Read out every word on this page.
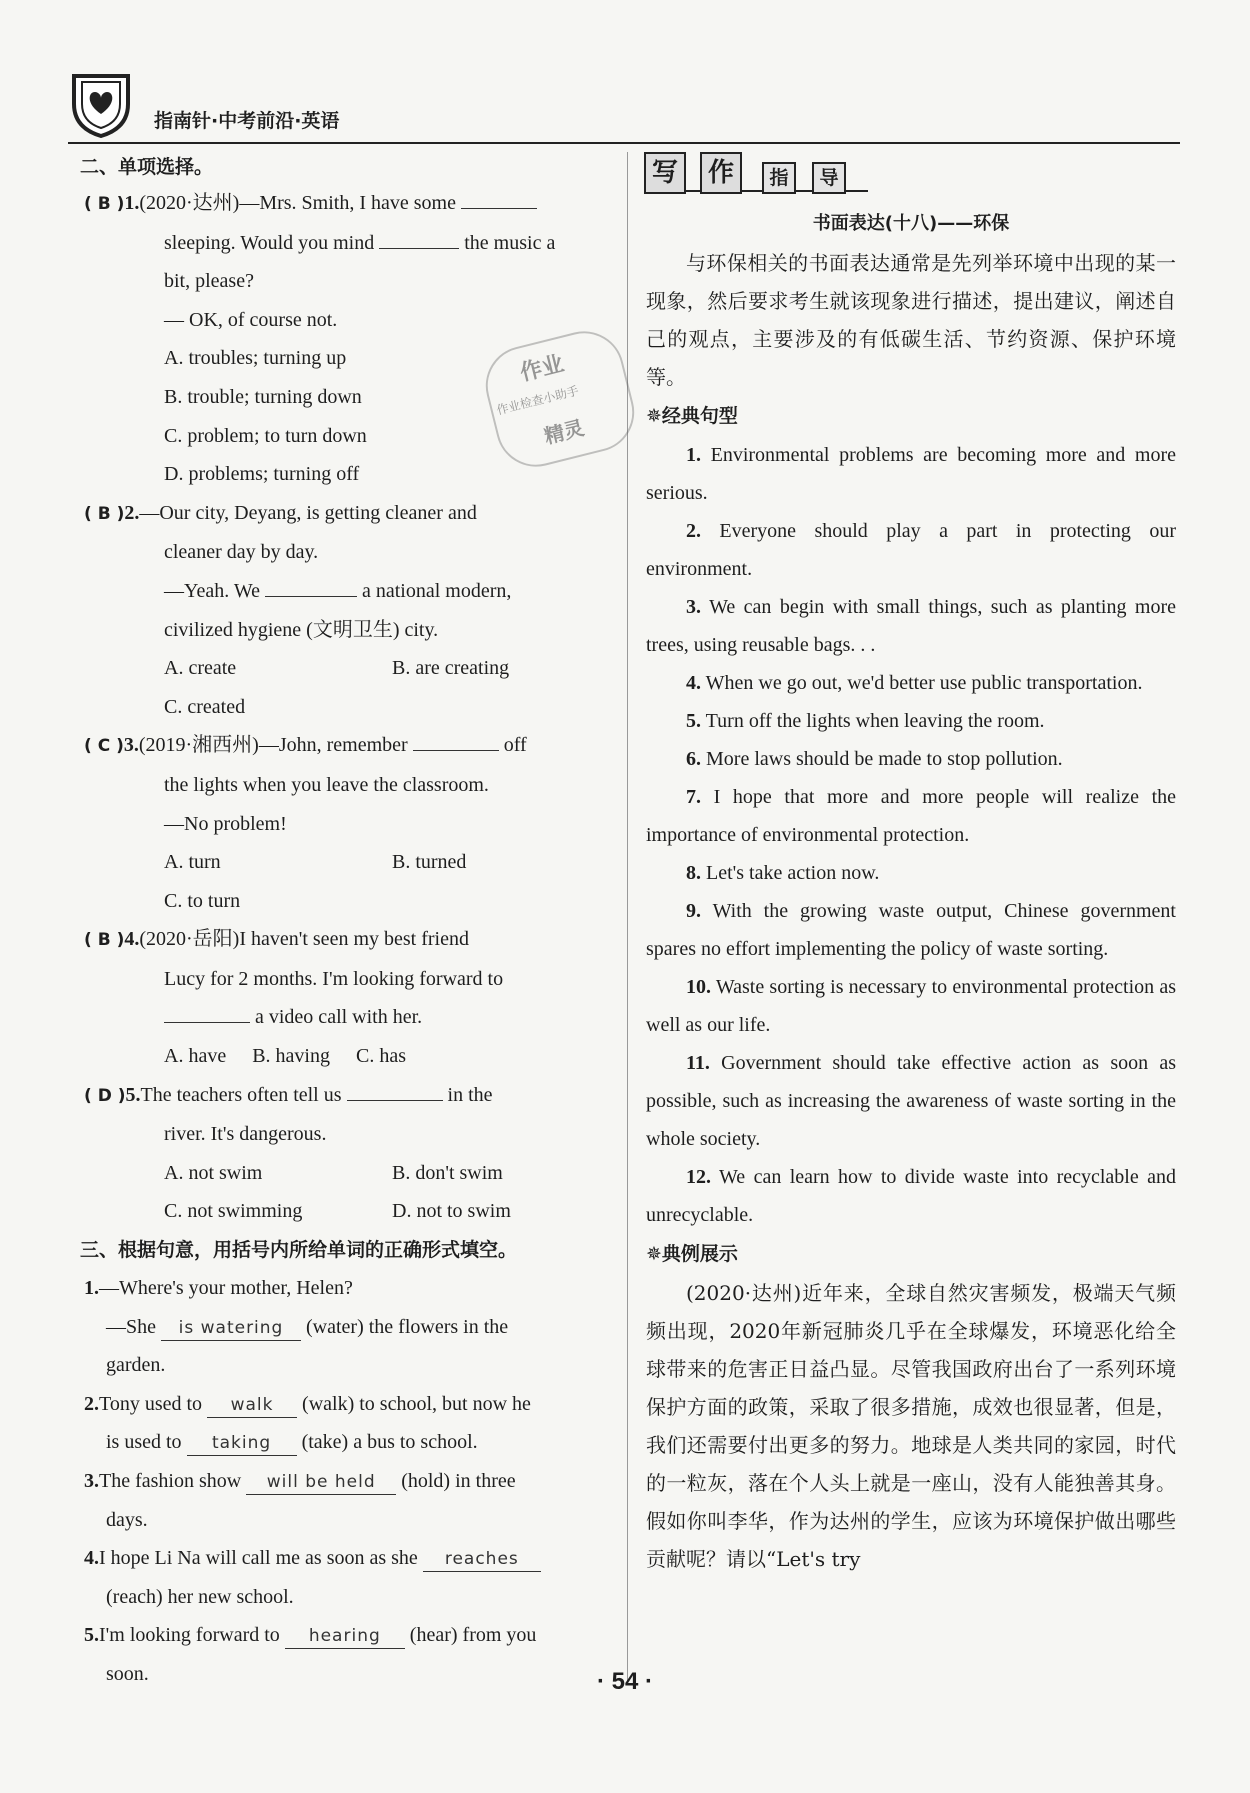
指南针·中考前沿·英语
作业
作业检查小助手
精灵
二、单项选择。
( B )1.(2020·达州)—Mrs. Smith, I have some
sleeping. Would you mind	the music a
bit, please?
— OK, of course not.
A. troubles; turning up
B. trouble; turning down
C. problem; to turn down
D. problems; turning off
( B )2.—Our city, Deyang, is getting cleaner and
cleaner day by day.
—Yeah. We	a national modern,
civilized hygiene (文明卫生) city.
A. create	B. are creating
C. created
( C )3.(2019·湘西州)—John, remember	off
the lights when you leave the classroom.
—No problem!
A. turn	B. turned
C. to turn
( B )4.(2020·岳阳)I haven't seen my best friend
Lucy for 2 months. I'm looking forward to
a video call with her.
A. have B. having C. has
( D )5.The teachers often tell us	in the
river. It's dangerous.
A. not swim	B. don't swim
C. not swimming	D. not to swim
三、根据句意，用括号内所给单词的正确形式填空。
1.—Where's your mother, Helen?
—She is watering (water) the flowers in the
garden.
2.Tony used to walk (walk) to school, but now he
is used to taking (take) a bus to school.
3.The fashion show will be held (hold) in three
days.
4.I hope Li Na will call me as soon as she reaches
(reach) her new school.
5.I'm looking forward to hearing (hear) from you
soon.
写	作	指	导
书面表达(十八)——环保
与环保相关的书面表达通常是先列举环境中出现的某一现象，然后要求考生就该现象进行描述，提出建议，阐述自己的观点，主要涉及的有低碳生活、节约资源、保护环境等。
✵经典句型
1. Environmental problems are becoming more and more serious.
2. Everyone should play a part in protecting our environment.
3. We can begin with small things, such as planting more trees, using reusable bags. . .
4. When we go out, we'd better use public transportation.
5. Turn off the lights when leaving the room.
6. More laws should be made to stop pollution.
7. I hope that more and more people will realize the importance of environmental protection.
8. Let's take action now.
9. With the growing waste output, Chinese government spares no effort implementing the policy of waste sorting.
10. Waste sorting is necessary to environmental protection as well as our life.
11. Government should take effective action as soon as possible, such as increasing the awareness of waste sorting in the whole society.
12. We can learn how to divide waste into recyclable and unrecyclable.
✵典例展示
(2020·达州)近年来，全球自然灾害频发，极端天气频频出现，2020年新冠肺炎几乎在全球爆发，环境恶化给全球带来的危害正日益凸显。尽管我国政府出台了一系列环境保护方面的政策，采取了很多措施，成效也很显著，但是，我们还需要付出更多的努力。地球是人类共同的家园，时代的一粒灰，落在个人头上就是一座山，没有人能独善其身。假如你叫李华，作为达州的学生，应该为环境保护做出哪些贡献呢？请以“Let's try
· 54 ·
